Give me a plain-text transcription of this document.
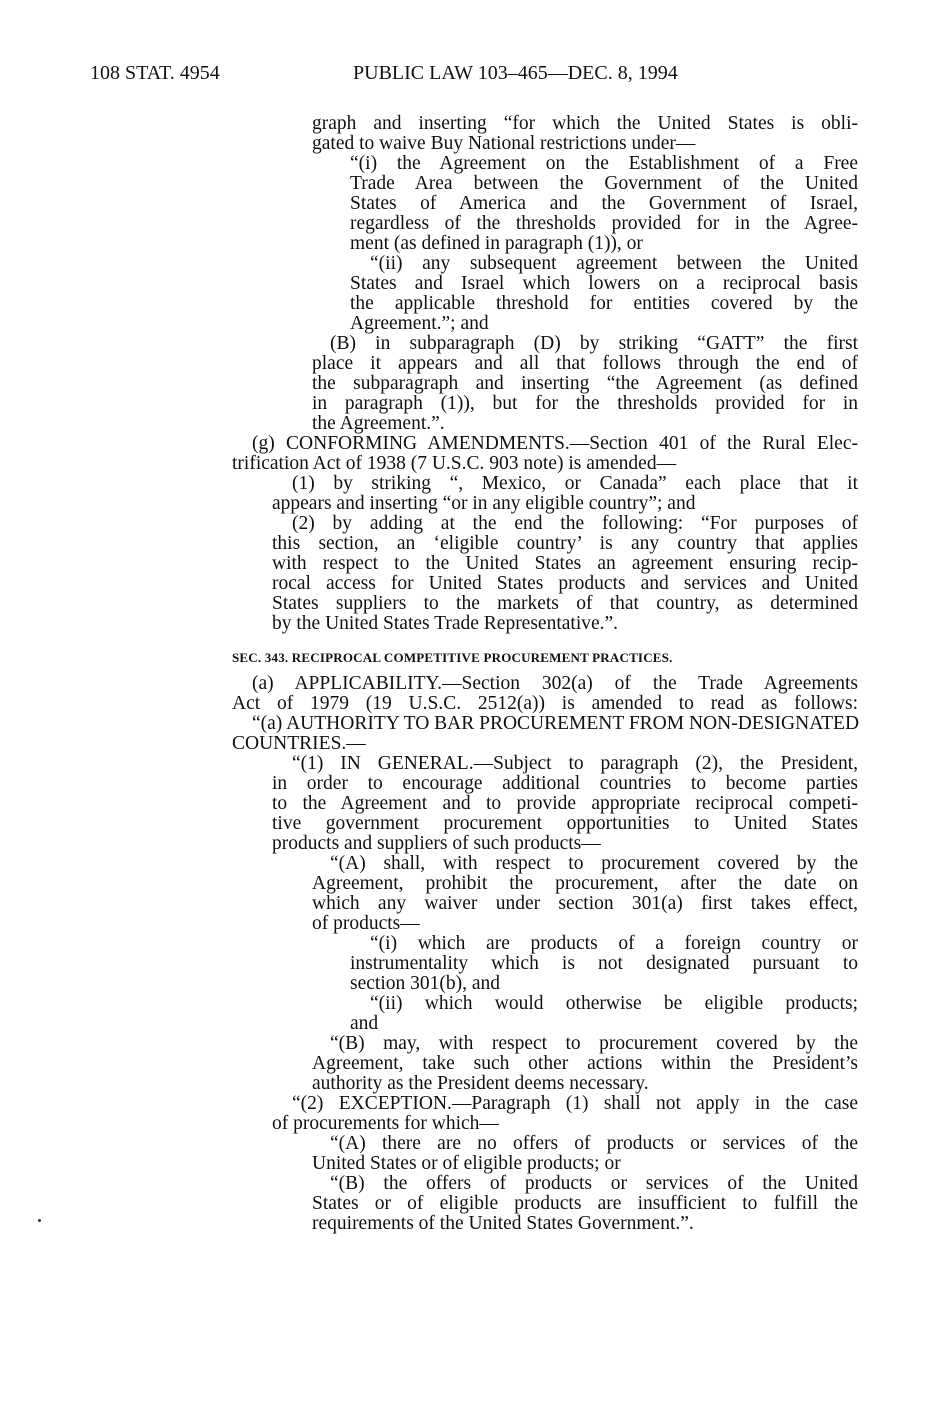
108 STAT. 4954	PUBLIC LAW 103–465—DEC. 8, 1994
graph and inserting “for which the United States is obli-
gated to waive Buy National restrictions under—
“(i) the Agreement on the Establishment of a Free
Trade Area between the Government of the United
States of America and the Government of Israel,
regardless of the thresholds provided for in the Agree-
ment (as defined in paragraph (1)), or
“(ii) any subsequent agreement between the United
States and Israel which lowers on a reciprocal basis
the applicable threshold for entities covered by the
Agreement.”; and
(B) in subparagraph (D) by striking “GATT” the first
place it appears and all that follows through the end of
the subparagraph and inserting “the Agreement (as defined
in paragraph (1)), but for the thresholds provided for in
the Agreement.”.
(g) CONFORMING AMENDMENTS.—Section 401 of the Rural Elec-
trification Act of 1938 (7 U.S.C. 903 note) is amended—
(1) by striking “, Mexico, or Canada” each place that it
appears and inserting “or in any eligible country”; and
(2) by adding at the end the following: “For purposes of
this section, an ‘eligible country’ is any country that applies
with respect to the United States an agreement ensuring recip-
rocal access for United States products and services and United
States suppliers to the markets of that country, as determined
by the United States Trade Representative.”.
SEC. 343. RECIPROCAL COMPETITIVE PROCUREMENT PRACTICES.
(a) APPLICABILITY.—Section 302(a) of the Trade Agreements
Act of 1979 (19 U.S.C. 2512(a)) is amended to read as follows:
“(a) AUTHORITY TO BAR PROCUREMENT FROM NON-DESIGNATED
COUNTRIES.—
“(1) IN GENERAL.—Subject to paragraph (2), the President,
in order to encourage additional countries to become parties
to the Agreement and to provide appropriate reciprocal competi-
tive government procurement opportunities to United States
products and suppliers of such products—
“(A) shall, with respect to procurement covered by the
Agreement, prohibit the procurement, after the date on
which any waiver under section 301(a) first takes effect,
of products—
“(i) which are products of a foreign country or
instrumentality which is not designated pursuant to
section 301(b), and
“(ii) which would otherwise be eligible products;
and
“(B) may, with respect to procurement covered by the
Agreement, take such other actions within the President’s
authority as the President deems necessary.
“(2) EXCEPTION.—Paragraph (1) shall not apply in the case
of procurements for which—
“(A) there are no offers of products or services of the
United States or of eligible products; or
“(B) the offers of products or services of the United
States or of eligible products are insufficient to fulfill the
requirements of the United States Government.”.
